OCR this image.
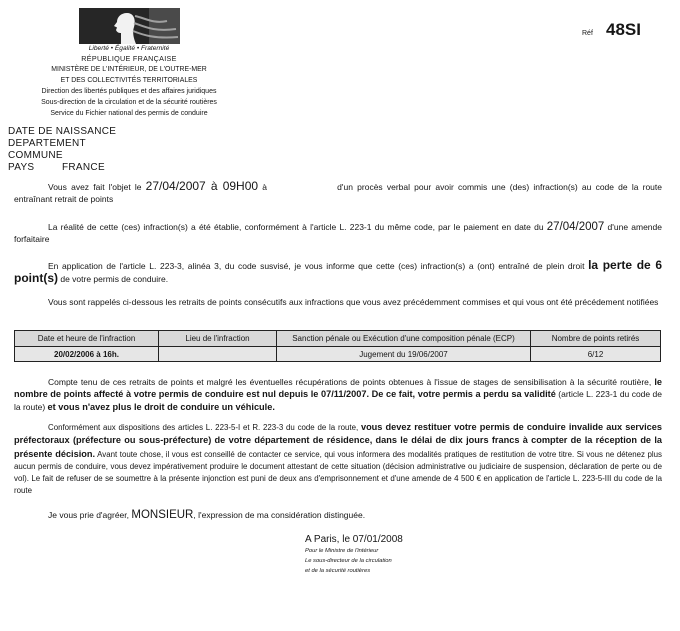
Liberté • Égalité • Fraternité
RÉPUBLIQUE FRANÇAISE
MINISTÈRE DE L'INTÉRIEUR, DE L'OUTRE-MER
ET DES COLLECTIVITÉS TERRITORIALES
Direction des libertés publiques et des affaires juridiques
Sous-direction de la circulation et de la sécurité routières
Service du Fichier national des permis de conduire
Réf 48SI
DATE DE NAISSANCE
DEPARTEMENT
COMMUNE
PAYS	FRANCE
Vous avez fait l'objet le 27/04/2007 à 09H00 à	d'un procès verbal pour avoir commis une (des) infraction(s) au code de la route entraînant retrait de points
La réalité de cette (ces) infraction(s) a été établie, conformément à l'article L. 223-1 du même code, par le paiement en date du 27/04/2007 d'une amende forfaitaire
En application de l'article L. 223-3, alinéa 3, du code susvisé, je vous informe que cette (ces) infraction(s) a (ont) entraîné de plein droit la perte de 6 point(s) de votre permis de conduire.
Vous sont rappelés ci-dessous les retraits de points consécutifs aux infractions que vous avez précédemment commises et qui vous ont été précédement notifiées
Date et heure de l'infraction	Lieu de l'infraction	Sanction pénale ou Exécution d'une composition pénale (ECP)	Nombre de points retirés
20/02/2006 à 16h.		Jugement du 19/06/2007	6/12
Compte tenu de ces retraits de points et malgré les éventuelles récupérations de points obtenues à l'issue de stages de sensibilisation à la sécurité routière, le nombre de points affecté à votre permis de conduire est nul depuis le 07/11/2007. De ce fait, votre permis a perdu sa validité (article L. 223-1 du code de la route) et vous n'avez plus le droit de conduire un véhicule.
Conformément aux dispositions des articles L. 223-5-I et R. 223-3 du code de la route, vous devez restituer votre permis de conduire invalide aux services préfectoraux (préfecture ou sous-préfecture) de votre département de résidence, dans le délai de dix jours francs à compter de la réception de la présente décision. Avant toute chose, il vous est conseillé de contacter ce service, qui vous informera des modalités pratiques de restitution de votre titre. Si vous ne détenez plus aucun permis de conduire, vous devez impérativement produire le document attestant de cette situation (décision administrative ou judiciaire de suspension, déclaration de perte ou de vol). Le fait de refuser de se soumettre à la présente injonction est puni de deux ans d'emprisonnement et d'une amende de 4 500 € en application de l'article L. 223-5-III du code de la route
Je vous prie d'agréer, MONSIEUR, l'expression de ma considération distinguée.
A Paris, le 07/01/2008
Pour le Ministre de l'intérieur
Le sous-directeur de la circulation
et de la sécurité routières
